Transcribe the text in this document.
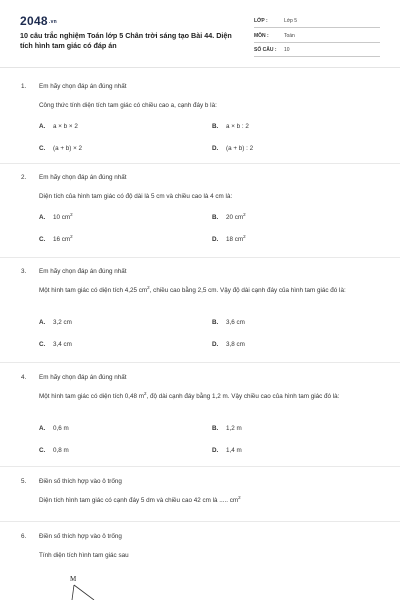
2048.vn
10 câu trắc nghiệm Toán lớp 5 Chân trời sáng tạo Bài 44. Diện tích hình tam giác có đáp án
LỚP :	Lớp 5
MÔN :	Toán
SỐ CÂU : 10
1. Em hãy chọn đáp án đúng nhất
Công thức tính diện tích tam giác có chiều cao a, cạnh đáy b là:
A. a × b × 2	B. a × b : 2
C. (a + b) × 2	D. (a + b) : 2
2. Em hãy chọn đáp án đúng nhất
Diện tích của hình tam giác có độ dài là 5 cm và chiều cao là 4 cm là:
A. 10 $cm^2$	B. 20 $cm^2$
C. 16 $cm^2$	D. 18 $cm^2$
3. Em hãy chọn đáp án đúng nhất
Một hình tam giác có diện tích 4,25 $cm^2$, chiều cao bằng 2,5 cm. Vậy độ dài cạnh đáy của hình tam giác đó là:
A. 3,2 cm	B. 3,6 cm
C. 3,4 cm	D. 3,8 cm
4. Em hãy chọn đáp án đúng nhất
Một hình tam giác có diện tích 0,48 $m^2$, độ dài cạnh đáy bằng 1,2 m. Vậy chiều cao của hình tam giác đó là:
A. 0,6 m	B. 1,2 m
C. 0,8 m	D. 1,4 m
5. Điền số thích hợp vào ô trống
Diện tích hình tam giác có cạnh đáy 5 dm và chiều cao 42 cm là ..... $cm^2$
6. Điền số thích hợp vào ô trống
Tính diện tích hình tam giác sau
M
